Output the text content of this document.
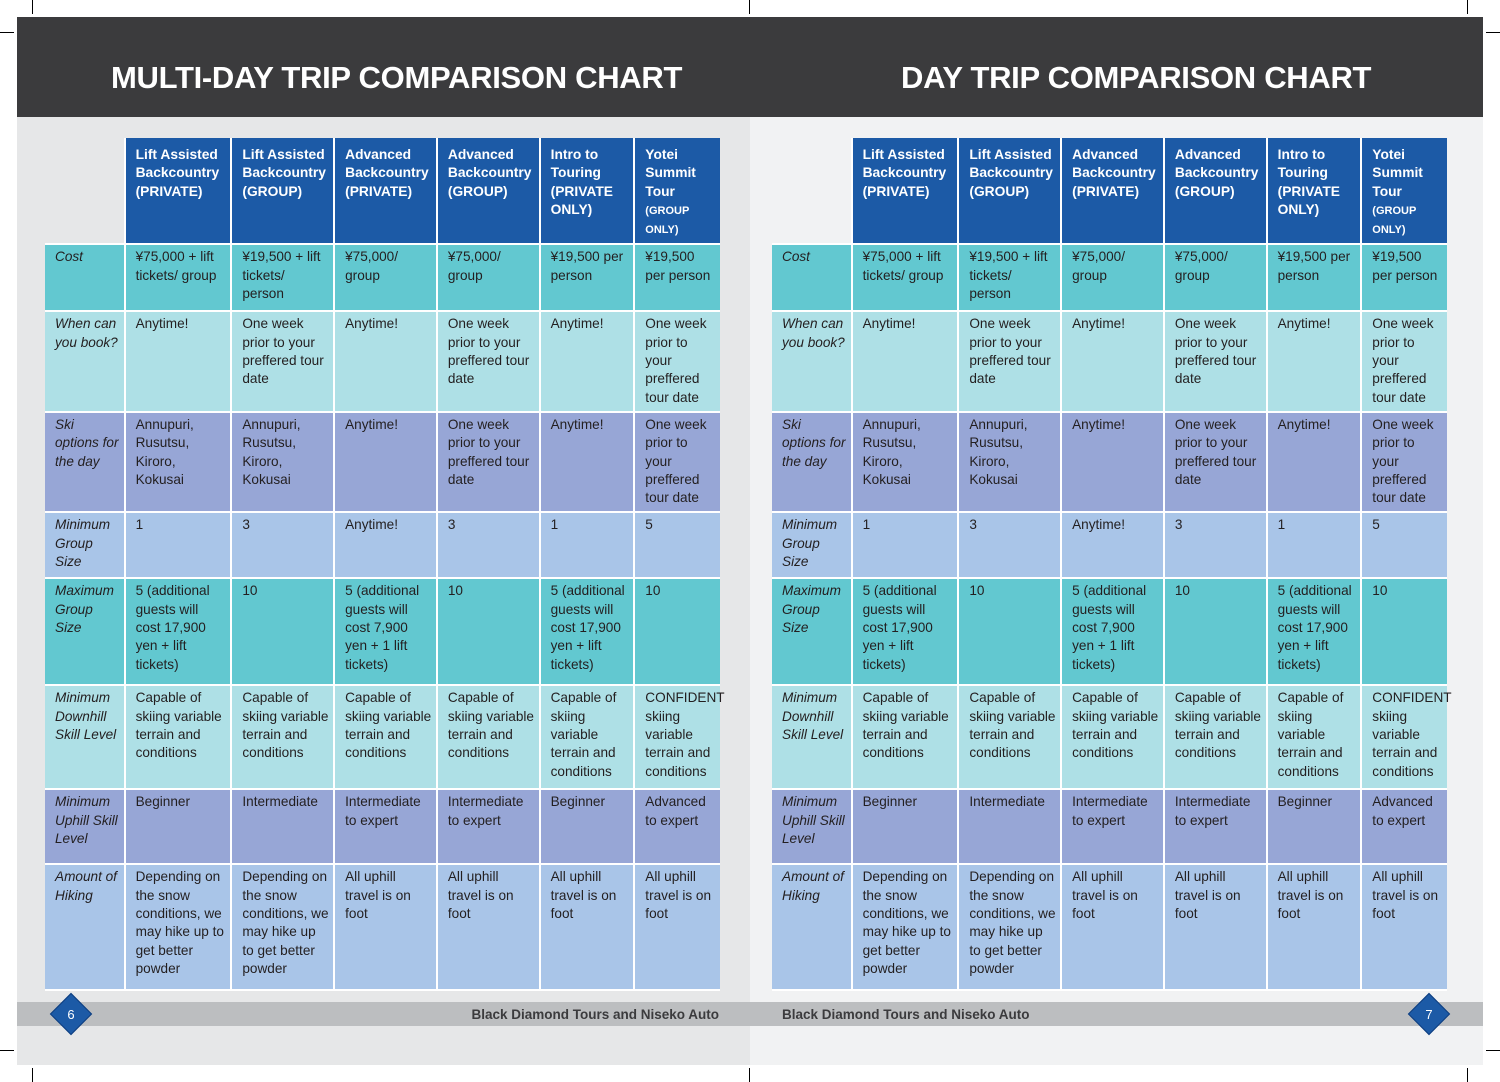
MULTI-DAY TRIP COMPARISON CHART
	Lift Assisted Backcountry (PRIVATE)	Lift Assisted Backcountry (GROUP)	Advanced Backcountry (PRIVATE)	Advanced Backcountry (GROUP)	Intro to Touring (PRIVATE ONLY)	Yotei Summit Tour (GROUP ONLY)
Cost	¥75,000 + lift tickets/ group	¥19,500 + lift tickets/ person	¥75,000/ group	¥75,000/ group	¥19,500 per person	¥19,500 per person
When can you book?	Anytime!	One week prior to your preffered tour date	Anytime!	One week prior to your preffered tour date	Anytime!	One week prior to your preffered tour date
Ski options for the day	Annupuri, Rusutsu, Kiroro, Kokusai	Annupuri, Rusutsu, Kiroro, Kokusai	Anytime!	One week prior to your preffered tour date	Anytime!	One week prior to your preffered tour date
Minimum Group Size	1	3	Anytime!	3	1	5
Maximum Group Size	5 (additional guests will cost 17,900 yen + lift tickets)	10	5 (additional guests will cost 7,900 yen + 1 lift tickets)	10	5 (additional guests will cost 17,900 yen + lift tickets)	10
Minimum Downhill Skill Level	Capable of skiing variable terrain and conditions	Capable of skiing variable terrain and conditions	Capable of skiing variable terrain and conditions	Capable of skiing variable terrain and conditions	Capable of skiing variable terrain and conditions	CONFIDENT skiing variable terrain and conditions
Minimum Uphill Skill Level	Beginner	Intermediate	Intermediate to expert	Intermediate to expert	Beginner	Advanced to expert
Amount of Hiking	Depending on the snow conditions, we may hike up to get better powder	Depending on the snow conditions, we may hike up to get better powder	All uphill travel is on foot	All uphill travel is on foot	All uphill travel is on foot	All uphill travel is on foot
Black Diamond Tours and Niseko Auto
6
DAY TRIP COMPARISON CHART
	Lift Assisted Backcountry (PRIVATE)	Lift Assisted Backcountry (GROUP)	Advanced Backcountry (PRIVATE)	Advanced Backcountry (GROUP)	Intro to Touring (PRIVATE ONLY)	Yotei Summit Tour (GROUP ONLY)
Cost	¥75,000 + lift tickets/ group	¥19,500 + lift tickets/ person	¥75,000/ group	¥75,000/ group	¥19,500 per person	¥19,500 per person
When can you book?	Anytime!	One week prior to your preffered tour date	Anytime!	One week prior to your preffered tour date	Anytime!	One week prior to your preffered tour date
Ski options for the day	Annupuri, Rusutsu, Kiroro, Kokusai	Annupuri, Rusutsu, Kiroro, Kokusai	Anytime!	One week prior to your preffered tour date	Anytime!	One week prior to your preffered tour date
Minimum Group Size	1	3	Anytime!	3	1	5
Maximum Group Size	5 (additional guests will cost 17,900 yen + lift tickets)	10	5 (additional guests will cost 7,900 yen + 1 lift tickets)	10	5 (additional guests will cost 17,900 yen + lift tickets)	10
Minimum Downhill Skill Level	Capable of skiing variable terrain and conditions	Capable of skiing variable terrain and conditions	Capable of skiing variable terrain and conditions	Capable of skiing variable terrain and conditions	Capable of skiing variable terrain and conditions	CONFIDENT skiing variable terrain and conditions
Minimum Uphill Skill Level	Beginner	Intermediate	Intermediate to expert	Intermediate to expert	Beginner	Advanced to expert
Amount of Hiking	Depending on the snow conditions, we may hike up to get better powder	Depending on the snow conditions, we may hike up to get better powder	All uphill travel is on foot	All uphill travel is on foot	All uphill travel is on foot	All uphill travel is on foot
Black Diamond Tours and Niseko Auto	7
